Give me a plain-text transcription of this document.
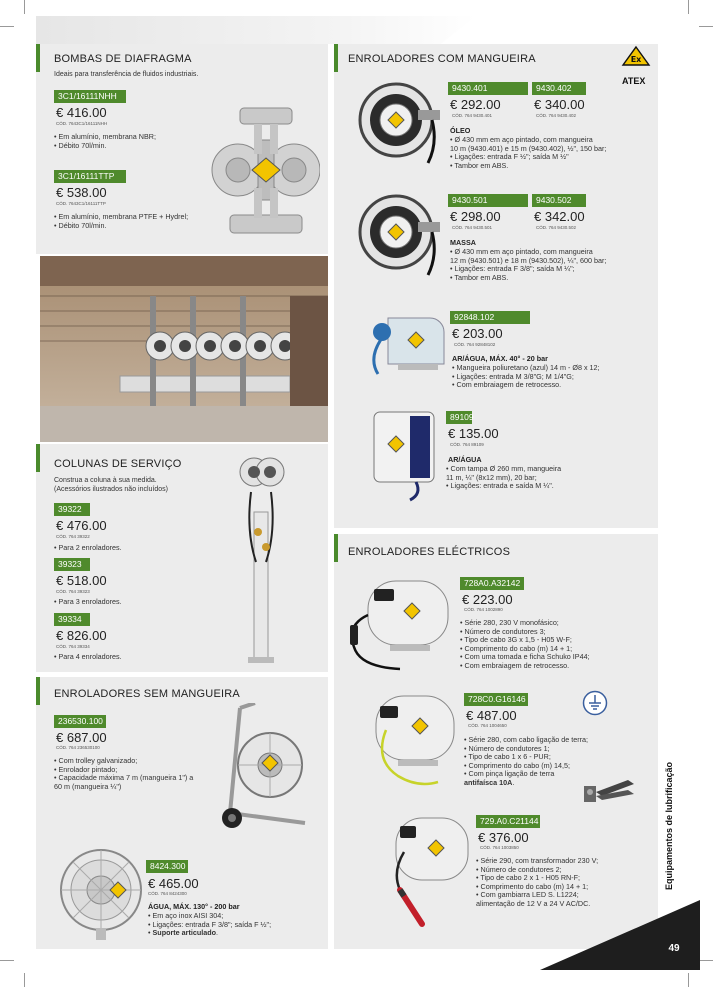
BOMBAS DE DIAFRAGMA
Ideais para transferência de fluidos industriais.
3C1/16111NHH
€ 416.00
CÓD. 7643C1/16111NHH
• Em alumínio, membrana NBR;
• Débito 70l/min.
3C1/16111TTP
€ 538.00
CÓD. 7643C1/16111TTP
• Em alumínio, membrana PTFE + Hydrel;
• Débito 70l/min.
COLUNAS DE SERVIÇO
Construa a coluna à sua medida.
(Acessórios ilustrados não incluídos)
39322
€ 476.00
CÓD. 764 39322
• Para 2 enroladores.
39323
€ 518.00
CÓD. 764 39323
• Para 3 enroladores.
39334
€ 826.00
CÓD. 764 39334
• Para 4 enroladores.
ENROLADORES SEM MANGUEIRA
236530.100
€ 687.00
CÓD. 764 236530100
• Com trolley galvanizado;
• Enrolador pintado;
• Capacidade máxima 7 m (mangueira 1") a
60 m (mangueira ¼")
8424.300
€ 465.00
CÓD. 764 8424300
ÁGUA, MÁX. 130° - 200 bar
• Em aço inox AISI 304;
• Ligações: entrada F 3/8"; saída F ½";
• Suporte articulado.
ENROLADORES COM MANGUEIRA	Ex
ATEX
9430.401	9430.402
€ 292.00	€ 340.00
CÓD. 764 9430.401	CÓD. 764 9430.402
ÓLEO
• Ø 430 mm em aço pintado, com mangueira
10 m (9430.401) e 15 m (9430.402), ½", 150 bar;
• Ligações: entrada F ½"; saída M ½"
• Tambor em ABS.
9430.501	9430.502
€ 298.00	€ 342.00
CÓD. 764 9430.501	CÓD. 764 9430.502
MASSA
• Ø 430 mm em aço pintado, com mangueira
12 m (9430.501) e 18 m (9430.502), ¼", 600 bar;
• Ligações: entrada F 3/8"; saída M ¼";
• Tambor em ABS.
92848.102
€ 203.00
CÓD. 764 92848102
AR/ÁGUA, MÁX. 40° - 20 bar
• Mangueira poliuretano (azul) 14 m - Ø8 x 12;
• Ligações: entrada M 3/8"G; M 1/4"G;
• Com embraiagem de retrocesso.
89109
€ 135.00
CÓD. 764 89109
AR/ÁGUA
• Com tampa Ø 260 mm, mangueira
11 m, ¼" (8x12 mm), 20 bar;
• Ligações: entrada e saída M ¼".
ENROLADORES ELÉCTRICOS
728A0.A32142
€ 223.00
CÓD. 764 1002890
• Série 280, 230 V monofásico;
• Número de condutores 3;
• Tipo de cabo 3G x 1,5 - H05 W-F;
• Comprimento do cabo (m) 14 + 1;
• Com uma tomada e ficha Schuko IP44;
• Com embraiagem de retrocesso.
728C0.G16146
€ 487.00
CÓD. 764 1004650
• Série 280, com cabo ligação de terra;
• Número de condutores 1;
• Tipo de cabo 1 x 6 - PUR;
• Comprimento do cabo (m) 14,5;
• Com pinça ligação de terra
antifaísca 10A.
729.A0.C21144
€ 376.00
CÓD. 764 1003850
• Série 290, com transformador 230 V;
• Número de condutores 2;
• Tipo de cabo 2 x 1 - H05 RN-F;
• Comprimento do cabo (m) 14 + 1;
• Com gambiarra LED S. L1224;
alimentação de 12 V a 24 V AC/DC.
Equipamentos de lubrificação
49
